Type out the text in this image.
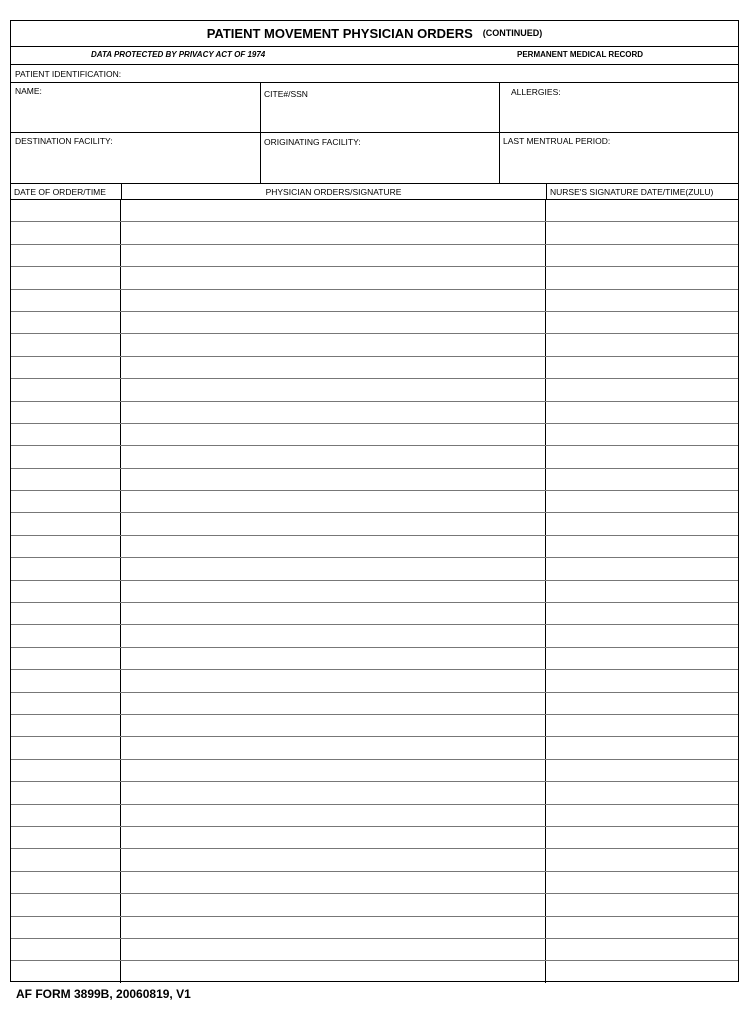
PATIENT MOVEMENT PHYSICIAN ORDERS (CONTINUED)
DATA PROTECTED BY PRIVACY ACT OF 1974	PERMANENT MEDICAL RECORD
PATIENT IDENTIFICATION:
NAME:	CITE#/SSN	ALLERGIES:
DESTINATION FACILITY:	ORIGINATING FACILITY:	LAST MENTRUAL PERIOD:
DATE OF ORDER/TIME	PHYSICIAN ORDERS/SIGNATURE	NURSE'S SIGNATURE DATE/TIME(ZULU)
AF FORM 3899B, 20060819, V1
